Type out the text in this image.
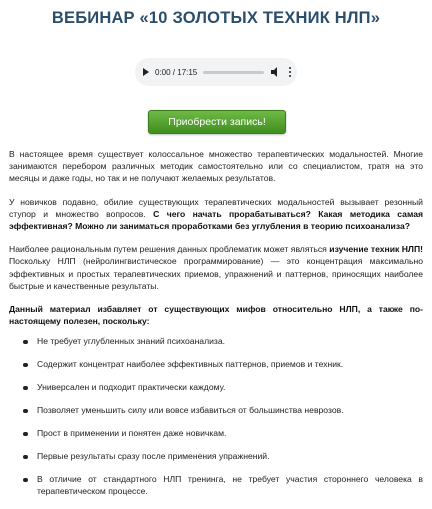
ВЕБИНАР «10 ЗОЛОТЫХ ТЕХНИК НЛП»
0:00 / 17:15
Приобрести запись!

В настоящее время существует колоссальное множество терапевтических модальностей. Многие занимаются перебором различных методик самостоятельно или со специалистом, тратя на это месяцы и даже годы, но так и не получают желаемых результатов.

У новичков подавно, обилие существующих терапевтических модальностей вызывает резонный ступор и множество вопросов. С чего начать прорабатываться? Какая методика самая эффективная? Можно ли заниматься проработками без углубления в теорию психоанализа?

Наиболее рациональным путем решения данных проблематик может являться изучение техник НЛП! Поскольку НЛП (нейролингвистическое программирование) — это концентрация максимально эффективных и простых терапевтических приемов, упражнений и паттернов, приносящих наиболее быстрые и качественные результаты.

Данный материал избавляет от существующих мифов относительно НЛП, а также по-настоящему полезен, поскольку:

Не требует углубленных знаний психоанализа.
Содержит концентрат наиболее эффективных паттернов, приемов и техник.
Универсален и подходит практически каждому.
Позволяет уменьшить силу или вовсе избавиться от большинства неврозов.
Прост в применении и понятен даже новичкам.
Первые результаты сразу после применения упражнений.
В отличие от стандартного НЛП тренинга, не требует участия стороннего человека в терапевтическом процессе.
